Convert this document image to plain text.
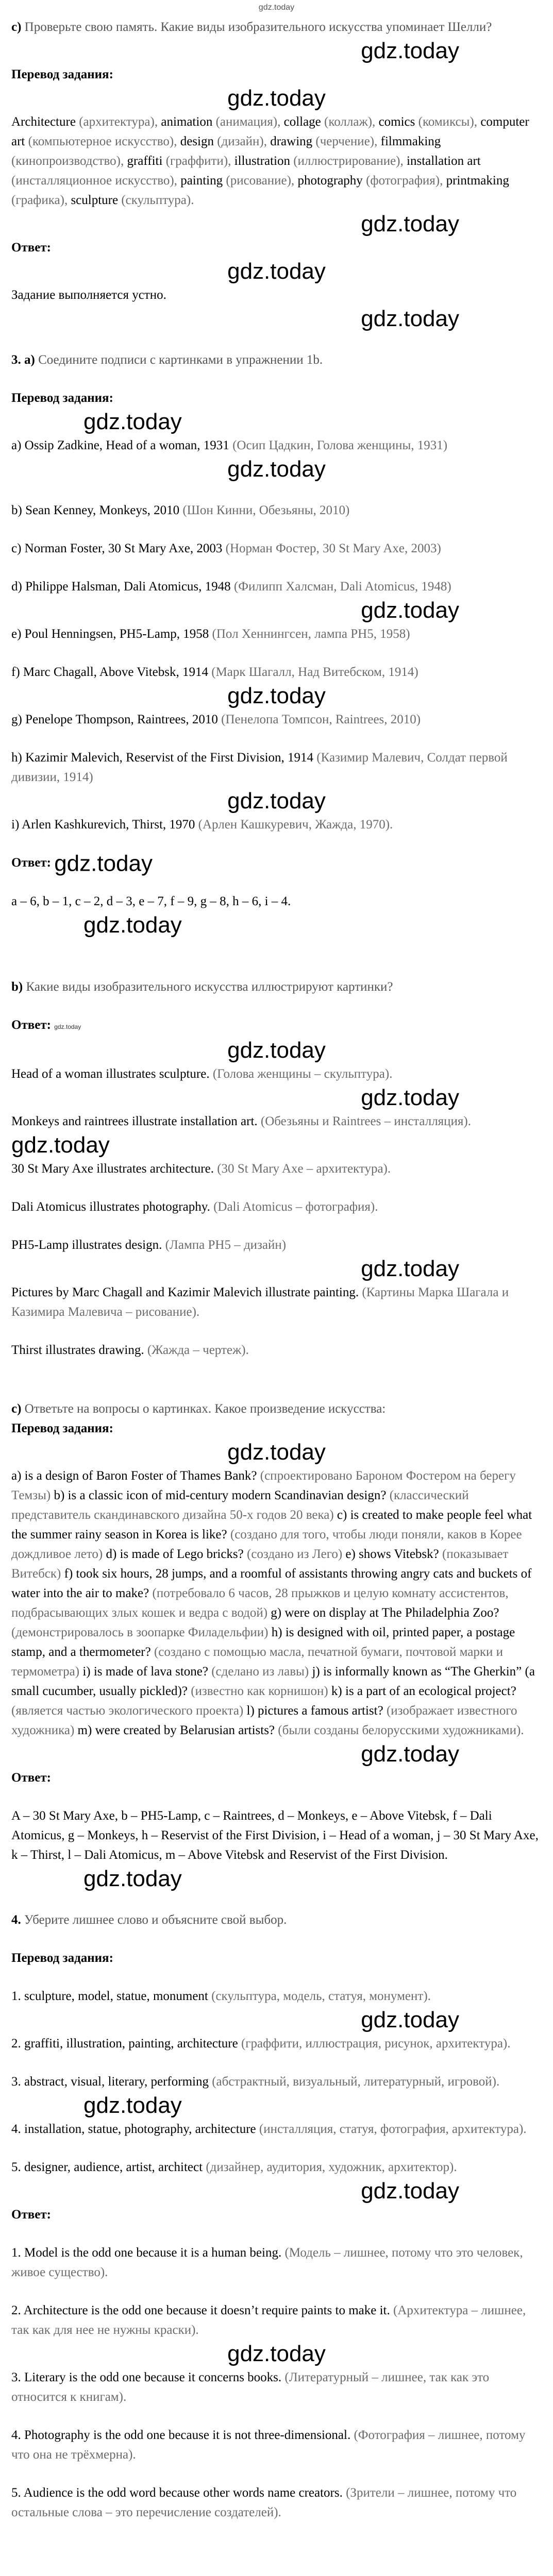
gdz.today

c) Проверьте свою память. Какие виды изобразительного искусства упоминает Шелли?

gdz.today

Перевод задания:

gdz.today

Architecture (архитектура), animation (анимация), collage (коллаж), comics (комиксы), computer art (компьютерное искусство), design (дизайн), drawing (черчение), filmmaking (кинопроизводство), graffiti (граффити), illustration (иллюстрирование), installation art (инсталляционное искусство), painting (рисование), photography (фотография), printmaking (графика), sculpture (скульптура).

gdz.today

Ответ:

gdz.today

Задание выполняется устно.

gdz.today

3. a) Соедините подписи с картинками в упражнении 1b.

Перевод задания:

gdz.today

a) Ossip Zadkine, Head of a woman, 1931 (Осип Цадкин, Голова женщины, 1931)

gdz.today

b) Sean Kenney, Monkeys, 2010 (Шон Кинни, Обезьяны, 2010)

c) Norman Foster, 30 St Mary Axe, 2003 (Норман Фостер, 30 St Mary Axe, 2003)

d) Philippe Halsman, Dali Atomicus, 1948 (Филипп Халсман, Dali Atomicus, 1948)

gdz.today

e) Poul Henningsen, PH5-Lamp, 1958 (Пол Хеннингсен, лампа PH5, 1958)

f) Marc Chagall, Above Vitebsk, 1914 (Марк Шагалл, Над Витебском, 1914)

gdz.today

g) Penelope Thompson, Raintrees, 2010 (Пенелопа Томпсон, Raintrees, 2010)

h) Kazimir Malevich, Reservist of the First Division, 1914 (Казимир Малевич, Солдат первой дивизии, 1914)

gdz.today

i) Arlen Kashkurevich, Thirst, 1970 (Арлен Кашкуревич, Жажда, 1970).

Ответ: gdz.today

a – 6, b – 1, c – 2, d – 3, e – 7, f – 9, g – 8, h – 6, i – 4.

gdz.today

b) Какие виды изобразительного искусства иллюстрируют картинки?

Ответ: gdz.today

gdz.today

Head of a woman illustrates sculpture. (Голова женщины – скульптура).

gdz.today

Monkeys and raintrees illustrate installation art. (Обезьяны и Raintrees – инсталляция).

gdz.today

30 St Mary Axe illustrates architecture. (30 St Mary Axe – архитектура).

Dali Atomicus illustrates photography. (Dali Atomicus – фотография).

PH5-Lamp illustrates design. (Лампа PH5 – дизайн)

gdz.today

Pictures by Marc Chagall and Kazimir Malevich illustrate painting. (Картины Марка Шагала и Казимира Малевича – рисование).

Thirst illustrates drawing. (Жажда – чертеж).

c) Ответьте на вопросы о картинках. Какое произведение искусства:

Перевод задания:

gdz.today

a) is a design of Baron Foster of Thames Bank? (спроектировано Бароном Фостером на берегу Темзы) b) is a classic icon of mid-century modern Scandinavian design? (классический представитель скандинавского дизайна 50-х годов 20 века) c) is created to make people feel what the summer rainy season in Korea is like? (создано для того, чтобы люди поняли, каков в Корее дождливое лето) d) is made of Lego bricks? (создано из Лего) e) shows Vitebsk? (показывает Витебск) f) took six hours, 28 jumps, and a roomful of assistants throwing angry cats and buckets of water into the air to make? (потребовало 6 часов, 28 прыжков и целую комнату ассистентов, подбрасывающих злых кошек и ведра с водой) g) were on display at The Philadelphia Zoo? (демонстрировалось в зоопарке Филадельфии) h) is designed with oil, printed paper, a postage stamp, and a thermometer? (создано с помощью масла, печатной бумаги, почтовой марки и термометра) i) is made of lava stone? (сделано из лавы) j) is informally known as “The Gherkin” (a small cucumber, usually pickled)? (известно как корнишон) k) is a part of an ecological project? (является частью экологического проекта) l) pictures a famous artist? (изображает известного художника) m) were created by Belarusian artists? (были созданы белорусскими художниками).

gdz.today

Ответ:

A – 30 St Mary Axe, b – PH5-Lamp, c – Raintrees, d – Monkeys, e – Above Vitebsk, f – Dali Atomicus, g – Monkeys, h – Reservist of the First Division, i – Head of a woman, j – 30 St Mary Axe, k – Thirst, l – Dali Atomicus, m – Above Vitebsk and Reservist of the First Division.

gdz.today

4. Уберите лишнее слово и объясните свой выбор.

Перевод задания:

1. sculpture, model, statue, monument (скульптура, модель, статуя, монумент).

gdz.today

2. graffiti, illustration, painting, architecture (граффити, иллюстрация, рисунок, архитектура).

3. abstract, visual, literary, performing (абстрактный, визуальный, литературный, игровой).

gdz.today

4. installation, statue, photography, architecture (инсталляция, статуя, фотография, архитектура).

5. designer, audience, artist, architect (дизайнер, аудитория, художник, архитектор).

gdz.today

Ответ:

1. Model is the odd one because it is a human being. (Модель – лишнее, потому что это человек, живое существо).

2. Architecture is the odd one because it doesn’t require paints to make it. (Архитектура – лишнее, так как для нее не нужны краски).

gdz.today

3. Literary is the odd one because it concerns books. (Литературный – лишнее, так как это относится к книгам).

4. Photography is the odd one because it is not three-dimensional. (Фотография – лишнее, потому что она не трёхмерна).

5. Audience is the odd word because other words name creators. (Зрители – лишнее, потому что остальные слова – это перечисление создателей).
